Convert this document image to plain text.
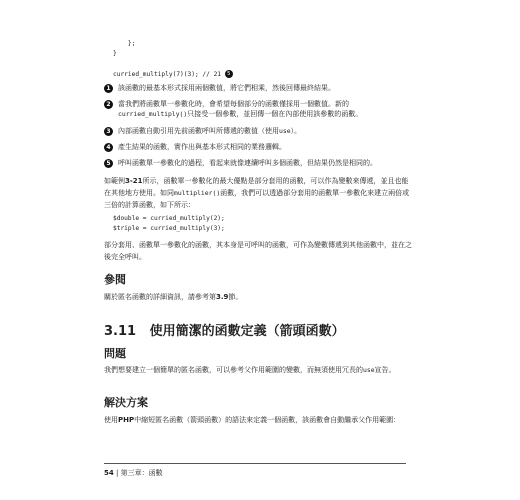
};
}
curried_multiply(7)(3); // 21 5
1 該函數的最基本形式採用兩個數值，將它們相乘，然後回傳最終結果。
2 當我們將函數單一參數化時，會希望每個部分的函數僅採用一個數值。新的
curried_multiply()只接受一個參數，並回傳一個在內部使用該參數的函數。
3 內部函數自動引用先前函數呼叫所傳遞的數值（使用use）。
4 產生結果的函數，實作出與基本形式相同的業務邏輯。
5 呼叫函數單一參數化的過程，看起來就像連續呼叫多個函數，但結果仍然是相同的。
如範例3-21所示，函數單一參數化的最大優點是部分套用的函數，可以作為變數來傳遞，並且也能在其他地方使用。如同multiplier()函數，我們可以透過部分套用的函數單一參數化來建立兩倍或三倍的計算函數，如下所示：
$double = curried_multiply(2);
$triple = curried_multiply(3);
部分套用、函數單一參數化的函數，其本身是可呼叫的函數，可作為變數傳遞到其他函數中，並在之後完全呼叫。
參閱
關於匿名函數的詳細資訊，請參考第3.9節。
3.11 使用簡潔的函數定義（箭頭函數）
問題
我們想要建立一個簡單的匿名函數，可以參考父作用範圍的變數，而無須使用冗長的use宣告。
解決方案
使用PHP中縮短匿名函數（箭頭函數）的語法來定義一個函數，該函數會自動繼承父作用範圍：
54 | 第三章：函數
